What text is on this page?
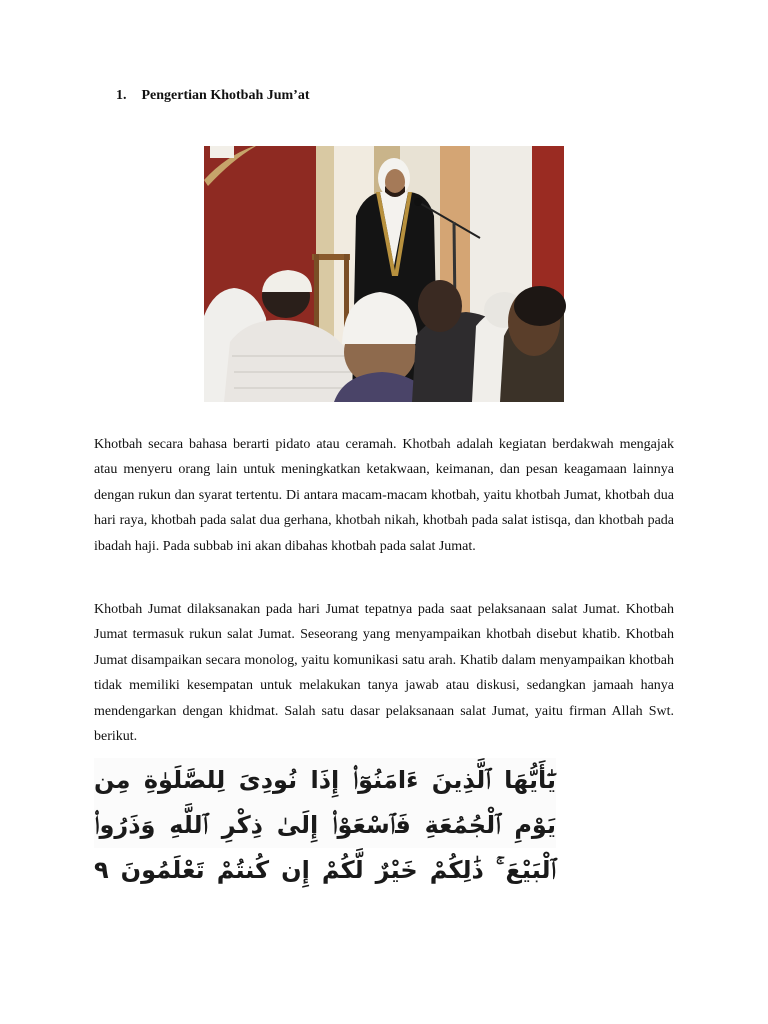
1. Pengertian Khotbah Jum’at

Khotbah secara bahasa berarti pidato atau ceramah. Khotbah adalah kegiatan berdakwah mengajak atau menyeru orang lain untuk meningkatkan ketakwaan, keimanan, dan pesan keagamaan lainnya dengan rukun dan syarat tertentu. Di antara macam-macam khotbah, yaitu khotbah Jumat, khotbah dua hari raya, khotbah pada salat dua gerhana, khotbah nikah, khotbah pada salat istisqa, dan khotbah pada ibadah haji. Pada subbab ini akan dibahas khotbah pada salat Jumat.

Khotbah Jumat dilaksanakan pada hari Jumat tepatnya pada saat pelaksanaan salat Jumat. Khotbah Jumat termasuk rukun salat Jumat. Seseorang yang menyampaikan khotbah disebut khatib. Khotbah Jumat disampaikan secara monolog, yaitu komunikasi satu arah. Khatib dalam menyampaikan khotbah tidak memiliki kesempatan untuk melakukan tanya jawab atau diskusi, sedangkan jamaah hanya mendengarkan dengan khidmat. Salah satu dasar pelaksanaan salat Jumat, yaitu firman Allah Swt. berikut.

يَٰٓأَيُّهَا ٱلَّذِينَ ءَامَنُوٓا۟ إِذَا نُودِىَ لِلصَّلَوٰةِ مِن يَوْمِ ٱلْجُمُعَةِ فَٱسْعَوْا۟ إِلَىٰ ذِكْرِ ٱللَّهِ وَذَرُوا۟ ٱلْبَيْعَ ۚ ذَٰلِكُمْ خَيْرٌ لَّكُمْ إِن كُنتُمْ تَعْلَمُونَ ٩
